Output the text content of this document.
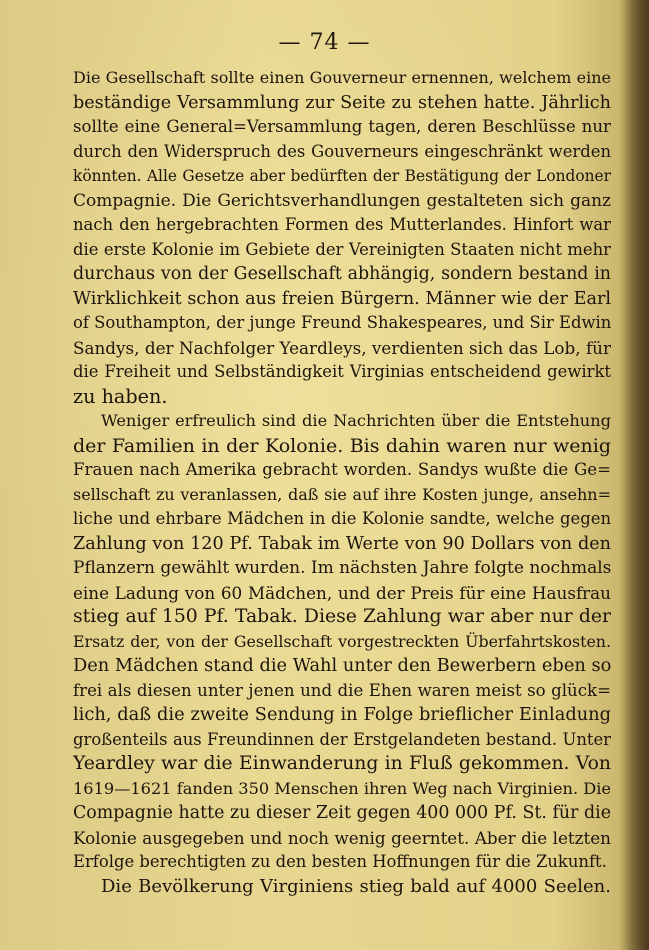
— 74 —
Die Gesellschaft sollte einen Gouverneur ernennen, welchem eine
beständige Versammlung zur Seite zu stehen hatte. Jährlich
sollte eine General=Versammlung tagen, deren Beschlüsse nur
durch den Widerspruch des Gouverneurs eingeschränkt werden
könnten. Alle Gesetze aber bedürften der Bestätigung der Londoner
Compagnie. Die Gerichtsverhandlungen gestalteten sich ganz
nach den hergebrachten Formen des Mutterlandes. Hinfort war
die erste Kolonie im Gebiete der Vereinigten Staaten nicht mehr
durchaus von der Gesellschaft abhängig, sondern bestand in
Wirklichkeit schon aus freien Bürgern. Männer wie der Earl
of Southampton, der junge Freund Shakespeares, und Sir Edwin
Sandys, der Nachfolger Yeardleys, verdienten sich das Lob, für
die Freiheit und Selbständigkeit Virginias entscheidend gewirkt
zu haben.
Weniger erfreulich sind die Nachrichten über die Entstehung
der Familien in der Kolonie. Bis dahin waren nur wenig
Frauen nach Amerika gebracht worden. Sandys wußte die Ge=
sellschaft zu veranlassen, daß sie auf ihre Kosten junge, ansehn=
liche und ehrbare Mädchen in die Kolonie sandte, welche gegen
Zahlung von 120 Pf. Tabak im Werte von 90 Dollars von den
Pflanzern gewählt wurden. Im nächsten Jahre folgte nochmals
eine Ladung von 60 Mädchen, und der Preis für eine Hausfrau
stieg auf 150 Pf. Tabak. Diese Zahlung war aber nur der
Ersatz der, von der Gesellschaft vorgestreckten Überfahrtskosten.
Den Mädchen stand die Wahl unter den Bewerbern eben so
frei als diesen unter jenen und die Ehen waren meist so glück=
lich, daß die zweite Sendung in Folge brieflicher Einladung
großenteils aus Freundinnen der Erstgelandeten bestand. Unter
Yeardley war die Einwanderung in Fluß gekommen. Von
1619—1621 fanden 350 Menschen ihren Weg nach Virginien. Die
Compagnie hatte zu dieser Zeit gegen 400 000 Pf. St. für die
Kolonie ausgegeben und noch wenig geerntet. Aber die letzten
Erfolge berechtigten zu den besten Hoffnungen für die Zukunft.
Die Bevölkerung Virginiens stieg bald auf 4000 Seelen.
